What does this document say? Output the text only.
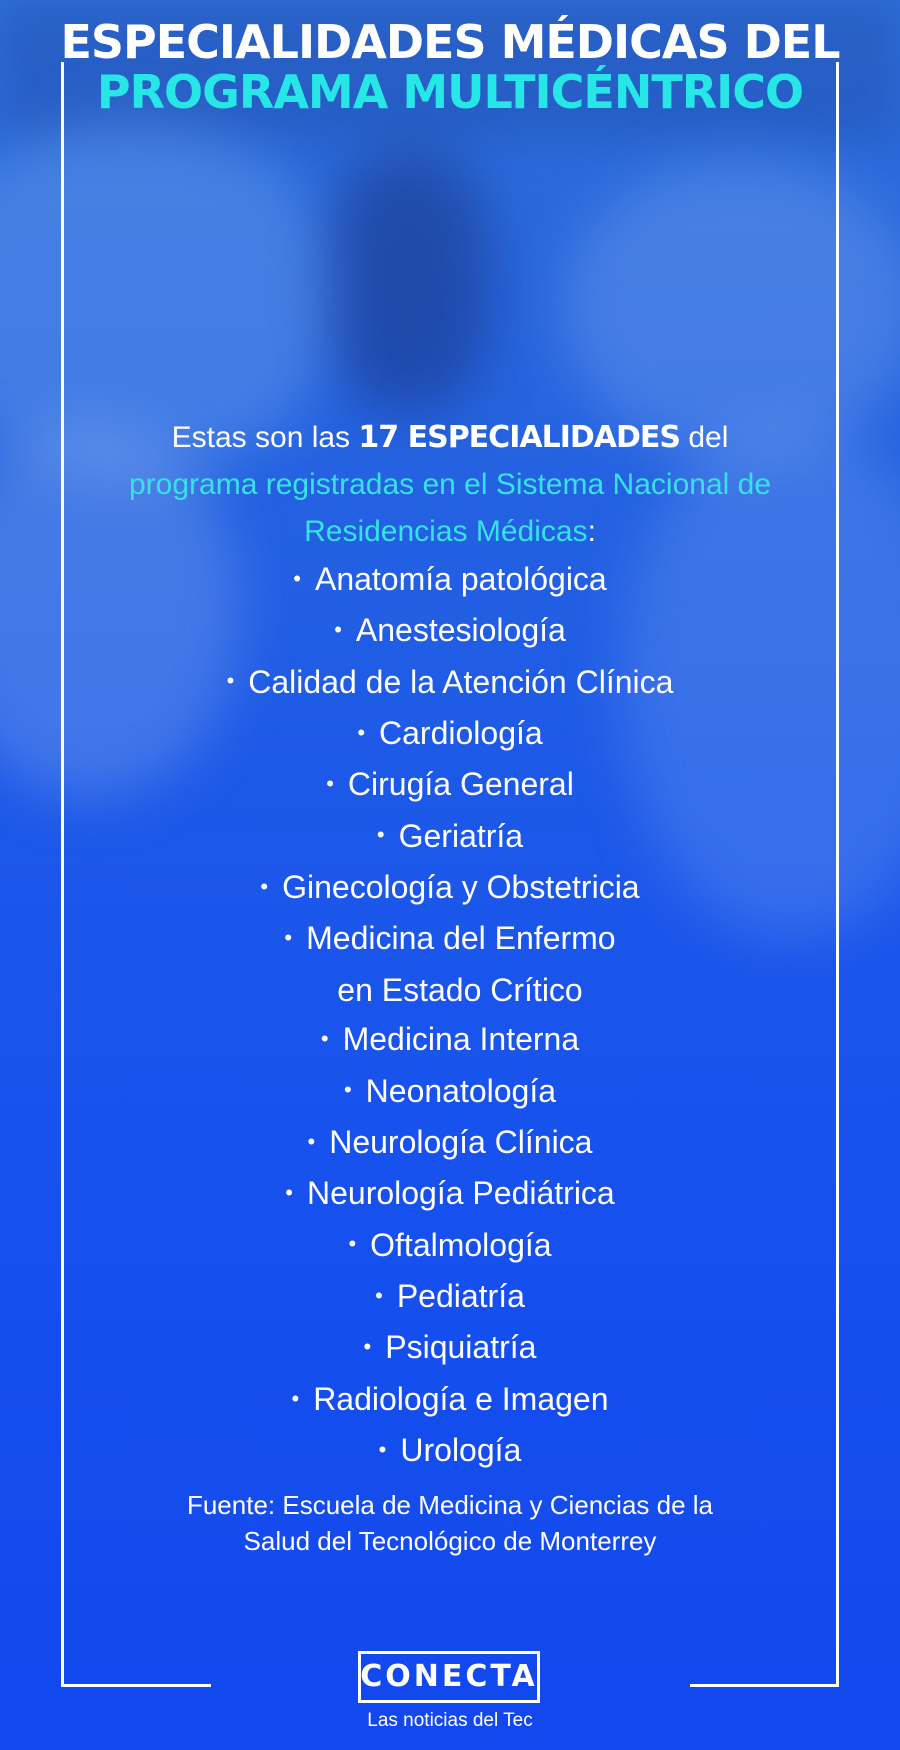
ESPECIALIDADES MÉDICAS DEL
PROGRAMA MULTICÉNTRICO

Estas son las 17 ESPECIALIDADES del
programa registradas en el Sistema Nacional de Residencias Médicas:

• Anatomía patológica
• Anestesiología
• Calidad de la Atención Clínica
• Cardiología
• Cirugía General
• Geriatría
• Ginecología y Obstetricia
• Medicina del Enfermo
en Estado Crítico
• Medicina Interna
• Neonatología
• Neurología Clínica
• Neurología Pediátrica
• Oftalmología
• Pediatría
• Psiquiatría
• Radiología e Imagen
• Urología

Fuente: Escuela de Medicina y Ciencias de la
Salud del Tecnológico de Monterrey

CONECTA
Las noticias del Tec
